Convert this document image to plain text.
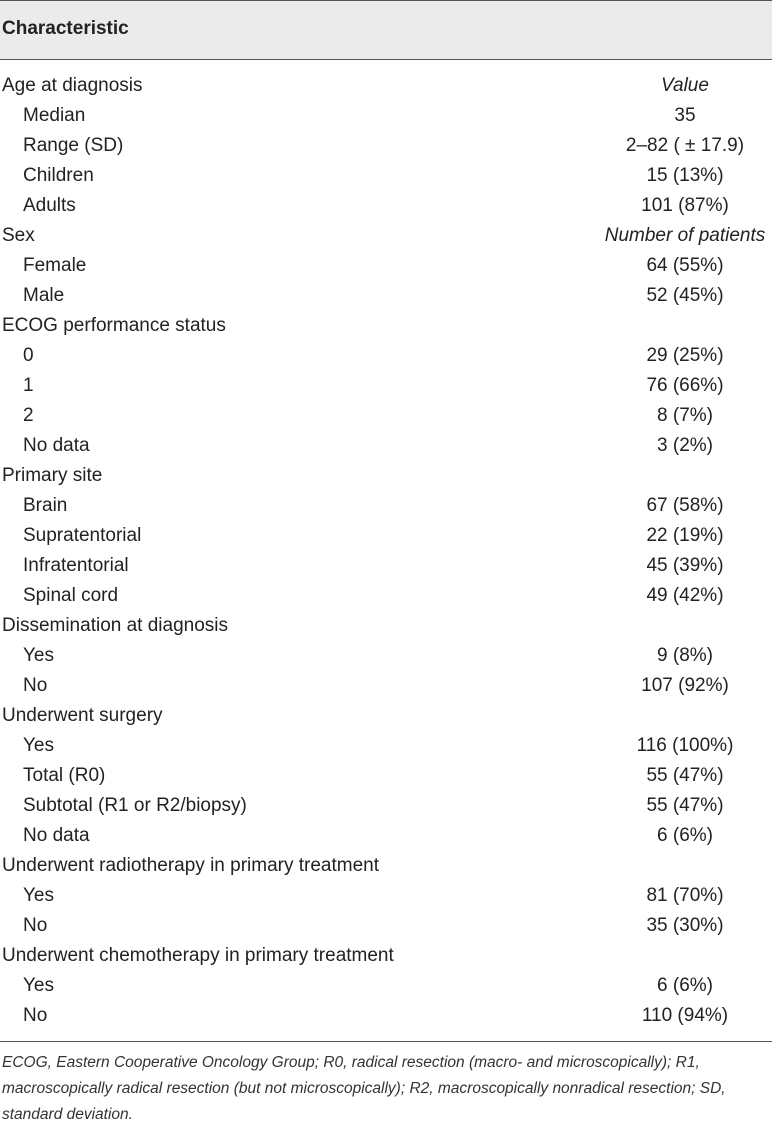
Characteristic
Age at diagnosis	Value
Median	35
Range (SD)	2–82 ( ± 17.9)
Children	15 (13%)
Adults	101 (87%)
Sex	Number of patients
Female	64 (55%)
Male	52 (45%)
ECOG performance status
0	29 (25%)
1	76 (66%)
2	8 (7%)
No data	3 (2%)
Primary site
Brain	67 (58%)
Supratentorial	22 (19%)
Infratentorial	45 (39%)
Spinal cord	49 (42%)
Dissemination at diagnosis
Yes	9 (8%)
No	107 (92%)
Underwent surgery
Yes	116 (100%)
Total (R0)	55 (47%)
Subtotal (R1 or R2/biopsy)	55 (47%)
No data	6 (6%)
Underwent radiotherapy in primary treatment
Yes	81 (70%)
No	35 (30%)
Underwent chemotherapy in primary treatment
Yes	6 (6%)
No	110 (94%)
ECOG, Eastern Cooperative Oncology Group; R0, radical resection (macro- and microscopically); R1, macroscopically radical resection (but not microscopically); R2, macroscopically nonradical resection; SD, standard deviation.
